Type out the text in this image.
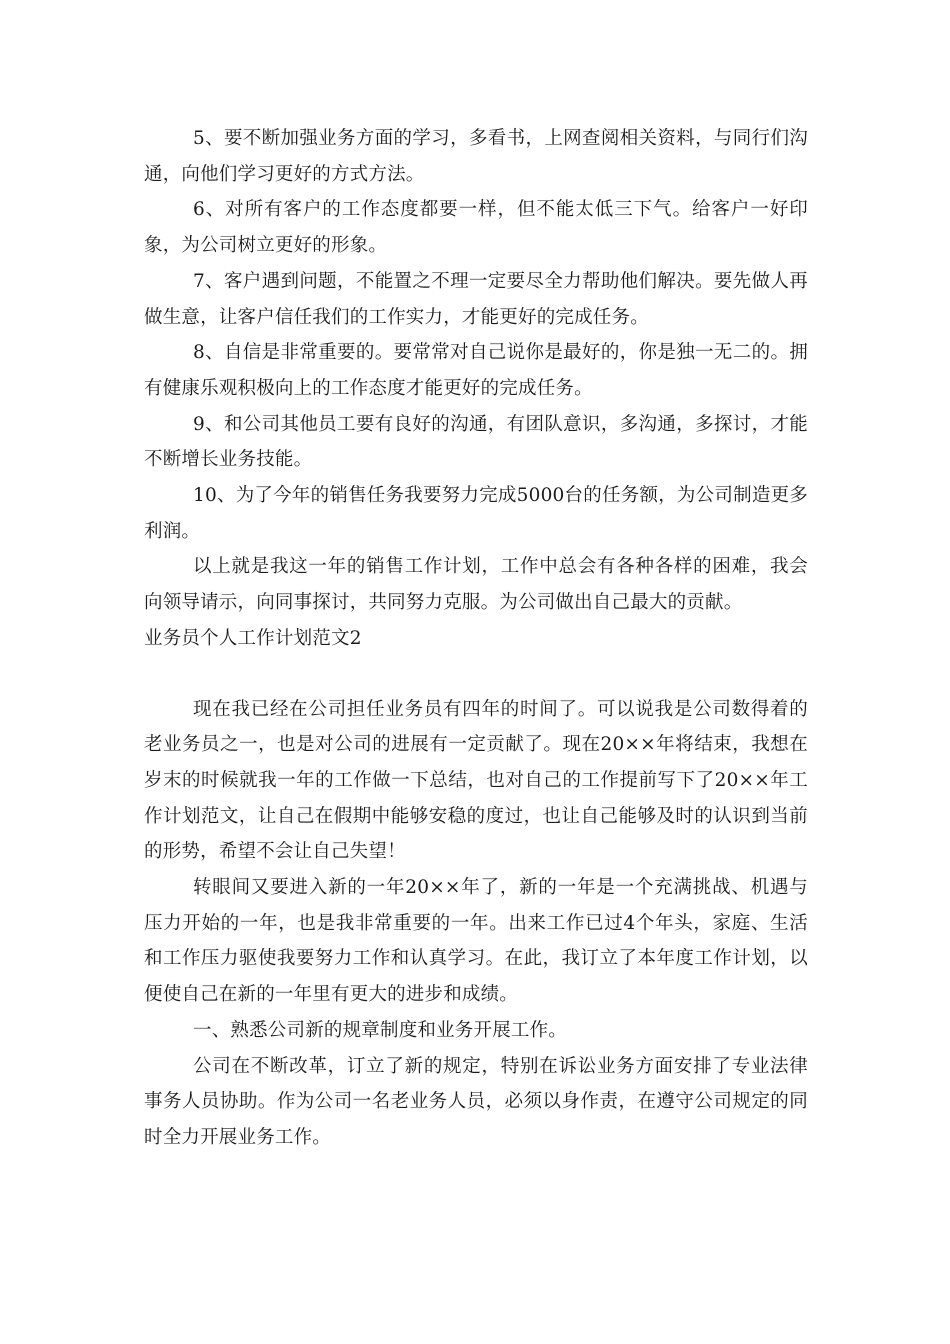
5、要不断加强业务方面的学习，多看书，上网查阅相关资料，与同行们沟通，向他们学习更好的方式方法。

6、对所有客户的工作态度都要一样，但不能太低三下气。给客户一好印象，为公司树立更好的形象。

7、客户遇到问题，不能置之不理一定要尽全力帮助他们解决。要先做人再做生意，让客户信任我们的工作实力，才能更好的完成任务。

8、自信是非常重要的。要常常对自己说你是最好的，你是独一无二的。拥有健康乐观积极向上的工作态度才能更好的完成任务。

9、和公司其他员工要有良好的沟通，有团队意识，多沟通，多探讨，才能不断增长业务技能。

10、为了今年的销售任务我要努力完成5000台的任务额，为公司制造更多利润。

以上就是我这一年的销售工作计划，工作中总会有各种各样的困难，我会向领导请示，向同事探讨，共同努力克服。为公司做出自己最大的贡献。

业务员个人工作计划范文2

现在我已经在公司担任业务员有四年的时间了。可以说我是公司数得着的老业务员之一，也是对公司的进展有一定贡献了。现在20××年将结束，我想在岁末的时候就我一年的工作做一下总结，也对自己的工作提前写下了20××年工作计划范文，让自己在假期中能够安稳的度过，也让自己能够及时的认识到当前的形势，希望不会让自己失望！

转眼间又要进入新的一年20××年了，新的一年是一个充满挑战、机遇与压力开始的一年，也是我非常重要的一年。出来工作已过4个年头，家庭、生活和工作压力驱使我要努力工作和认真学习。在此，我订立了本年度工作计划，以便使自己在新的一年里有更大的进步和成绩。

一、熟悉公司新的规章制度和业务开展工作。

公司在不断改革，订立了新的规定，特别在诉讼业务方面安排了专业法律事务人员协助。作为公司一名老业务人员，必须以身作责，在遵守公司规定的同时全力开展业务工作。
